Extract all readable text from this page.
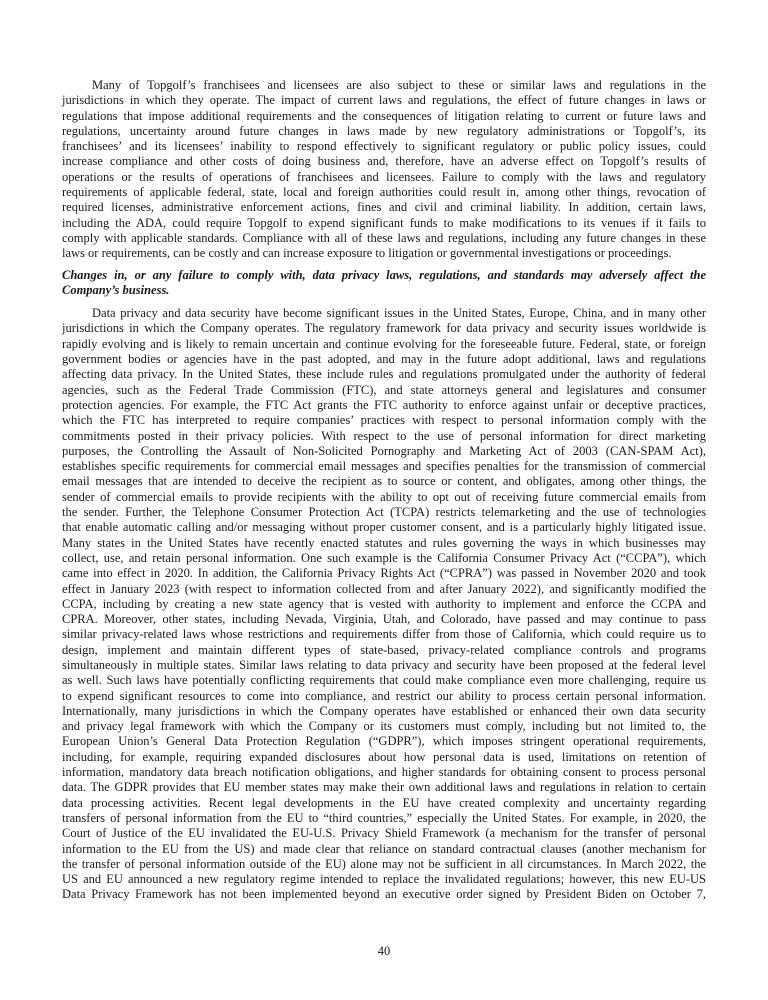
Many of Topgolf’s franchisees and licensees are also subject to these or similar laws and regulations in the
jurisdictions in which they operate. The impact of current laws and regulations, the effect of future changes in laws or
regulations that impose additional requirements and the consequences of litigation relating to current or future laws and
regulations, uncertainty around future changes in laws made by new regulatory administrations or Topgolf’s, its
franchisees’ and its licensees’ inability to respond effectively to significant regulatory or public policy issues, could
increase compliance and other costs of doing business and, therefore, have an adverse effect on Topgolf’s results of
operations or the results of operations of franchisees and licensees. Failure to comply with the laws and regulatory
requirements of applicable federal, state, local and foreign authorities could result in, among other things, revocation of
required licenses, administrative enforcement actions, fines and civil and criminal liability. In addition, certain laws,
including the ADA, could require Topgolf to expend significant funds to make modifications to its venues if it fails to
comply with applicable standards. Compliance with all of these laws and regulations, including any future changes in these
laws or requirements, can be costly and can increase exposure to litigation or governmental investigations or proceedings.
Changes in, or any failure to comply with, data privacy laws, regulations, and standards may adversely affect the
Company’s business.
Data privacy and data security have become significant issues in the United States, Europe, China, and in many other
jurisdictions in which the Company operates. The regulatory framework for data privacy and security issues worldwide is
rapidly evolving and is likely to remain uncertain and continue evolving for the foreseeable future. Federal, state, or foreign
government bodies or agencies have in the past adopted, and may in the future adopt additional, laws and regulations
affecting data privacy. In the United States, these include rules and regulations promulgated under the authority of federal
agencies, such as the Federal Trade Commission (FTC), and state attorneys general and legislatures and consumer
protection agencies. For example, the FTC Act grants the FTC authority to enforce against unfair or deceptive practices,
which the FTC has interpreted to require companies’ practices with respect to personal information comply with the
commitments posted in their privacy policies. With respect to the use of personal information for direct marketing
purposes, the Controlling the Assault of Non-Solicited Pornography and Marketing Act of 2003 (CAN-SPAM Act),
establishes specific requirements for commercial email messages and specifies penalties for the transmission of commercial
email messages that are intended to deceive the recipient as to source or content, and obligates, among other things, the
sender of commercial emails to provide recipients with the ability to opt out of receiving future commercial emails from
the sender. Further, the Telephone Consumer Protection Act (TCPA) restricts telemarketing and the use of technologies
that enable automatic calling and/or messaging without proper customer consent, and is a particularly highly litigated issue.
Many states in the United States have recently enacted statutes and rules governing the ways in which businesses may
collect, use, and retain personal information. One such example is the California Consumer Privacy Act (“CCPA”), which
came into effect in 2020. In addition, the California Privacy Rights Act (“CPRA”) was passed in November 2020 and took
effect in January 2023 (with respect to information collected from and after January 2022), and significantly modified the
CCPA, including by creating a new state agency that is vested with authority to implement and enforce the CCPA and
CPRA. Moreover, other states, including Nevada, Virginia, Utah, and Colorado, have passed and may continue to pass
similar privacy-related laws whose restrictions and requirements differ from those of California, which could require us to
design, implement and maintain different types of state-based, privacy-related compliance controls and programs
simultaneously in multiple states. Similar laws relating to data privacy and security have been proposed at the federal level
as well. Such laws have potentially conflicting requirements that could make compliance even more challenging, require us
to expend significant resources to come into compliance, and restrict our ability to process certain personal information.
Internationally, many jurisdictions in which the Company operates have established or enhanced their own data security
and privacy legal framework with which the Company or its customers must comply, including but not limited to, the
European Union’s General Data Protection Regulation (“GDPR”), which imposes stringent operational requirements,
including, for example, requiring expanded disclosures about how personal data is used, limitations on retention of
information, mandatory data breach notification obligations, and higher standards for obtaining consent to process personal
data. The GDPR provides that EU member states may make their own additional laws and regulations in relation to certain
data processing activities. Recent legal developments in the EU have created complexity and uncertainty regarding
transfers of personal information from the EU to “third countries,” especially the United States. For example, in 2020, the
Court of Justice of the EU invalidated the EU-U.S. Privacy Shield Framework (a mechanism for the transfer of personal
information to the EU from the US) and made clear that reliance on standard contractual clauses (another mechanism for
the transfer of personal information outside of the EU) alone may not be sufficient in all circumstances. In March 2022, the
US and EU announced a new regulatory regime intended to replace the invalidated regulations; however, this new EU-US
Data Privacy Framework has not been implemented beyond an executive order signed by President Biden on October 7,
40
